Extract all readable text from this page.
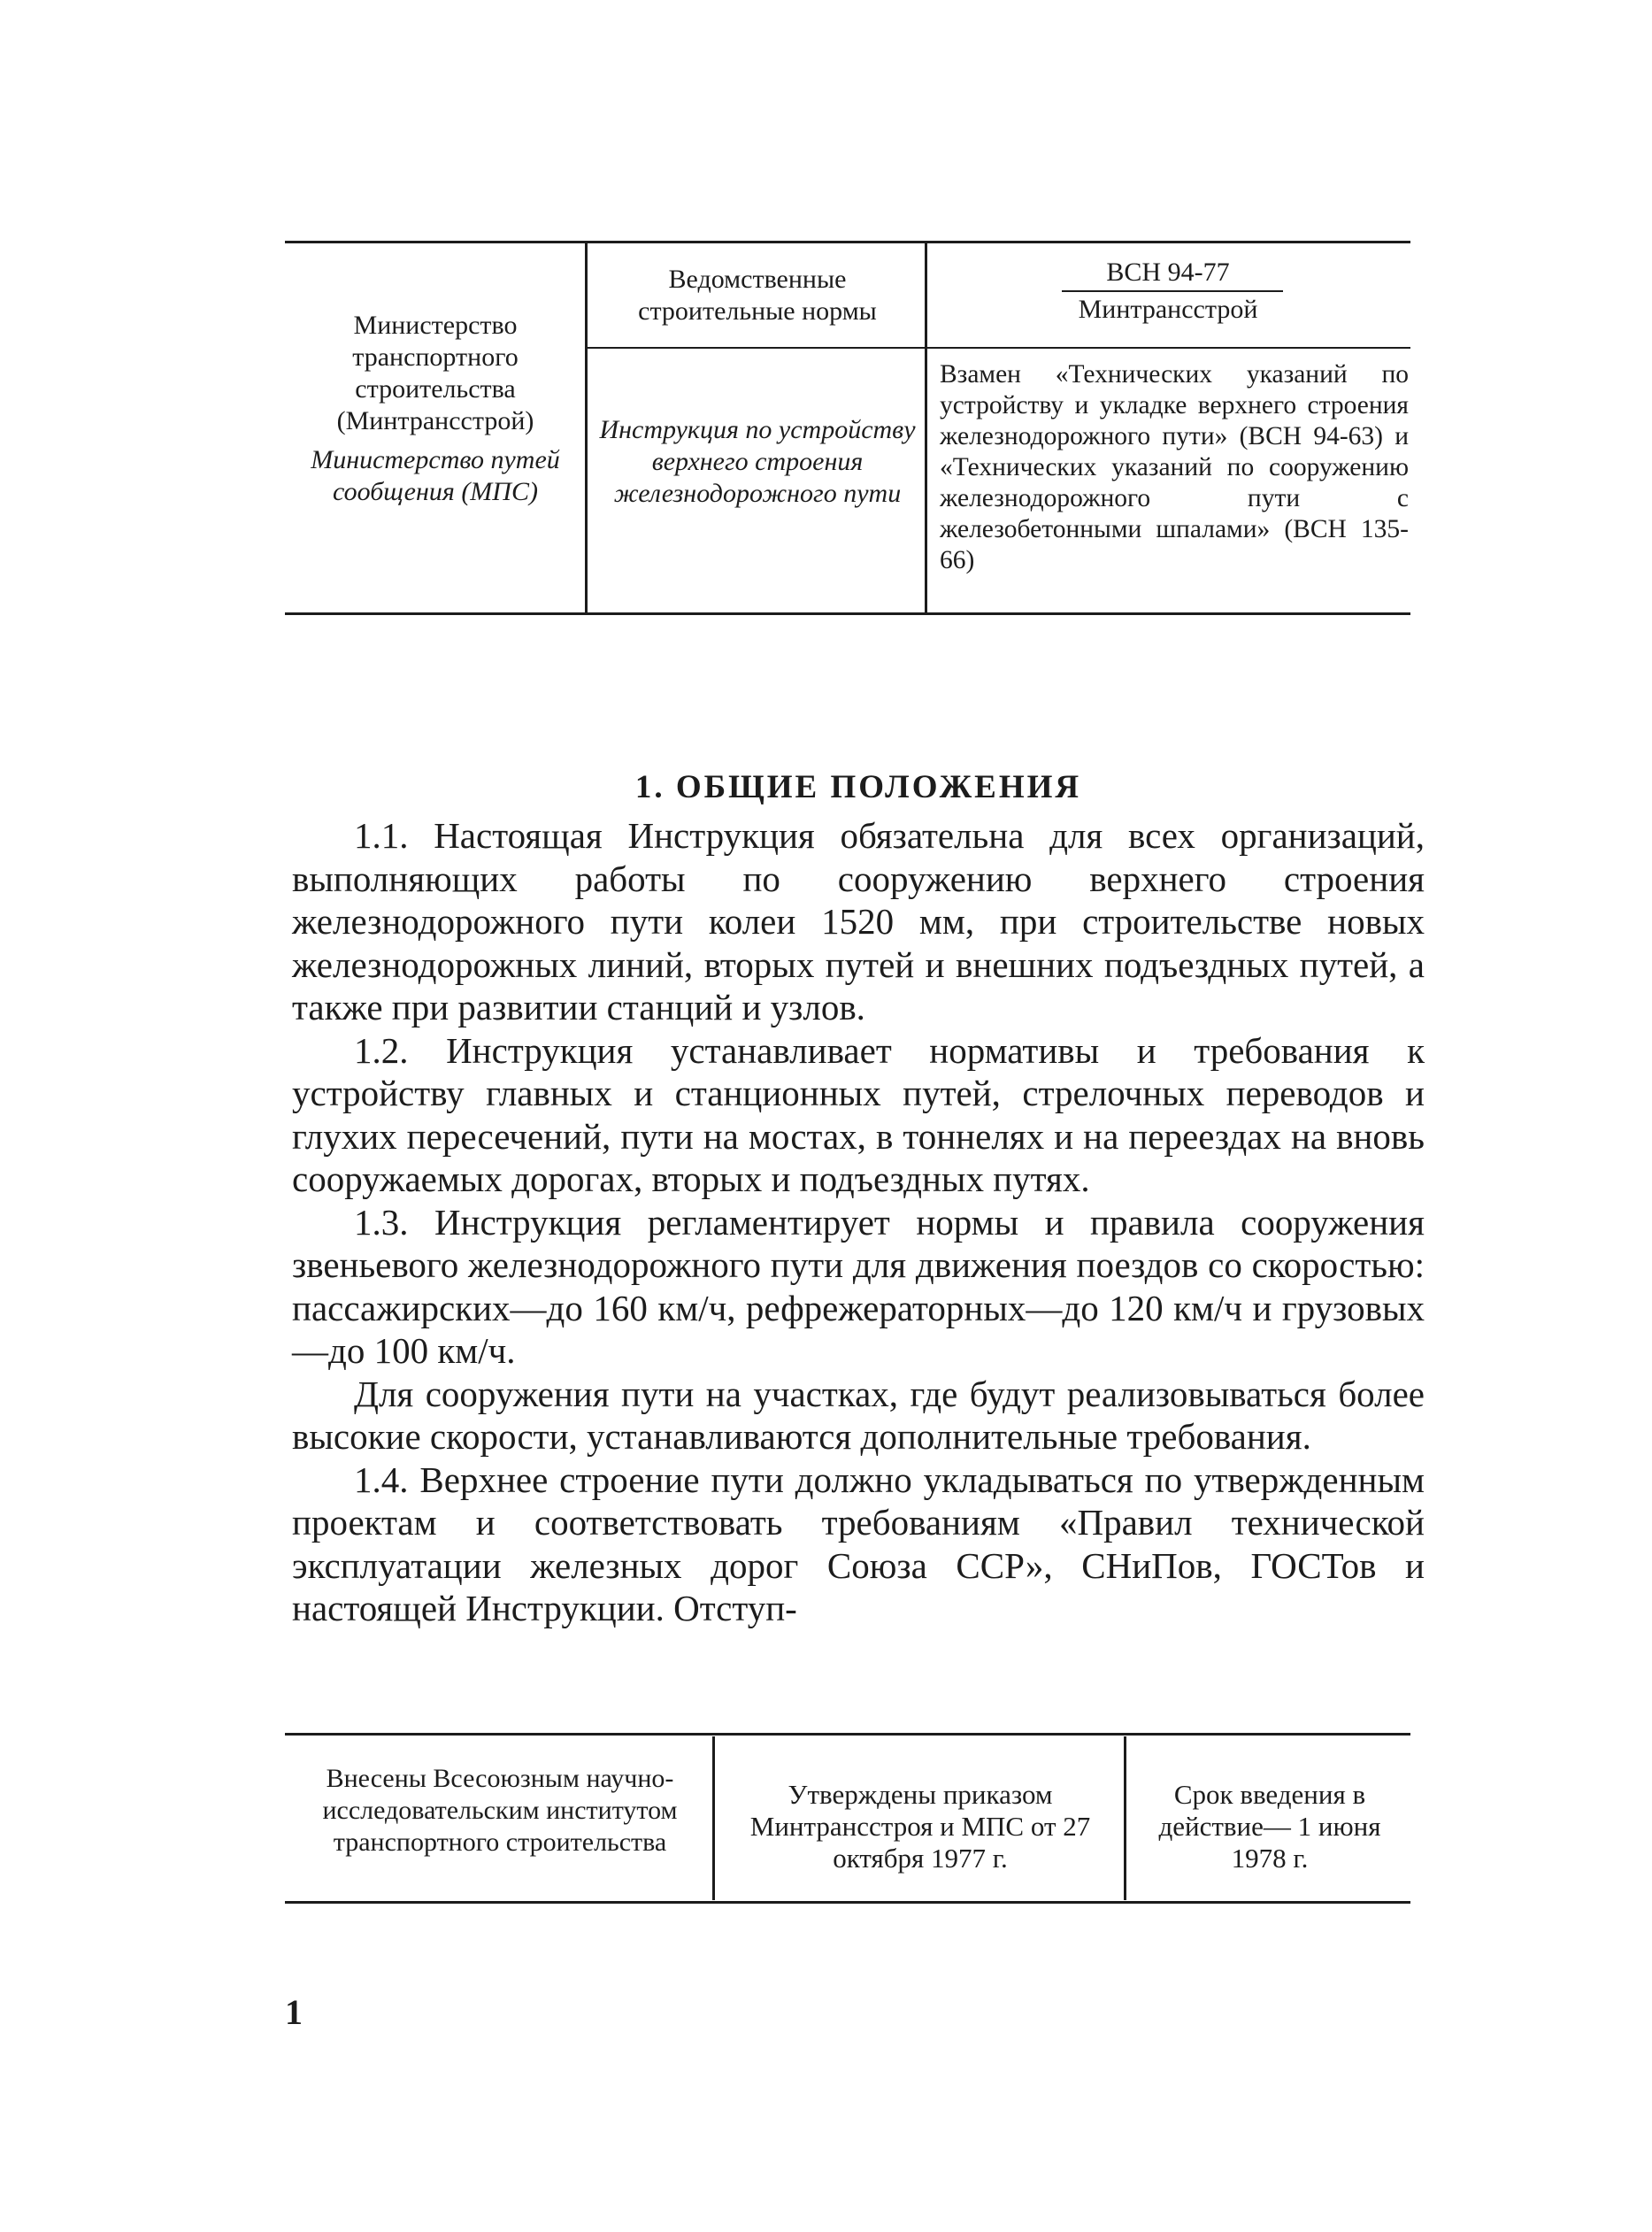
Министерство транспортного строительства (Минтрансстрой)

Министерство путей сообщения (МПС)

Ведомственные строительные нормы
Инструкция по устройству верхнего строения железнодорожного пути
ВСН 94-77
Минтрансстрой
Взамен «Технических указаний по устройству и укладке верхнего строения железнодорожного пути» (ВСН 94-63) и «Технических указаний по сооружению железнодорожного пути с железобетонными шпалами» (ВСН 135-66)
1. ОБЩИЕ ПОЛОЖЕНИЯ

1.1. Настоящая Инструкция обязательна для всех организаций, выполняющих работы по сооружению верхнего строения железнодорожного пути колеи 1520 мм, при строительстве новых железнодорожных линий, вторых путей и внешних подъездных путей, а также при развитии станций и узлов.

1.2. Инструкция устанавливает нормативы и требования к устройству главных и станционных путей, стрелочных переводов и глухих пересечений, пути на мостах, в тоннелях и на переездах на вновь сооружаемых дорогах, вторых и подъездных путях.

1.3. Инструкция регламентирует нормы и правила сооружения звеньевого железнодорожного пути для движения поездов со скоростью: пассажирских—до 160 км/ч, рефрежераторных—до 120 км/ч и грузовых—до 100 км/ч.

Для сооружения пути на участках, где будут реализовываться более высокие скорости, устанавливаются дополнительные требования.

1.4. Верхнее строение пути должно укладываться по утвержденным проектам и соответствовать требованиям «Правил технической эксплуатации железных дорог Союза ССР», СНиПов, ГОСТов и настоящей Инструкции. Отступ-

Внесены Всесоюзным научно-исследовательским институтом транспортного строительства
Утверждены приказом Минтрансстроя и МПС от 27 октября 1977 г.
Срок введения в действие— 1 июня 1978 г.
1
